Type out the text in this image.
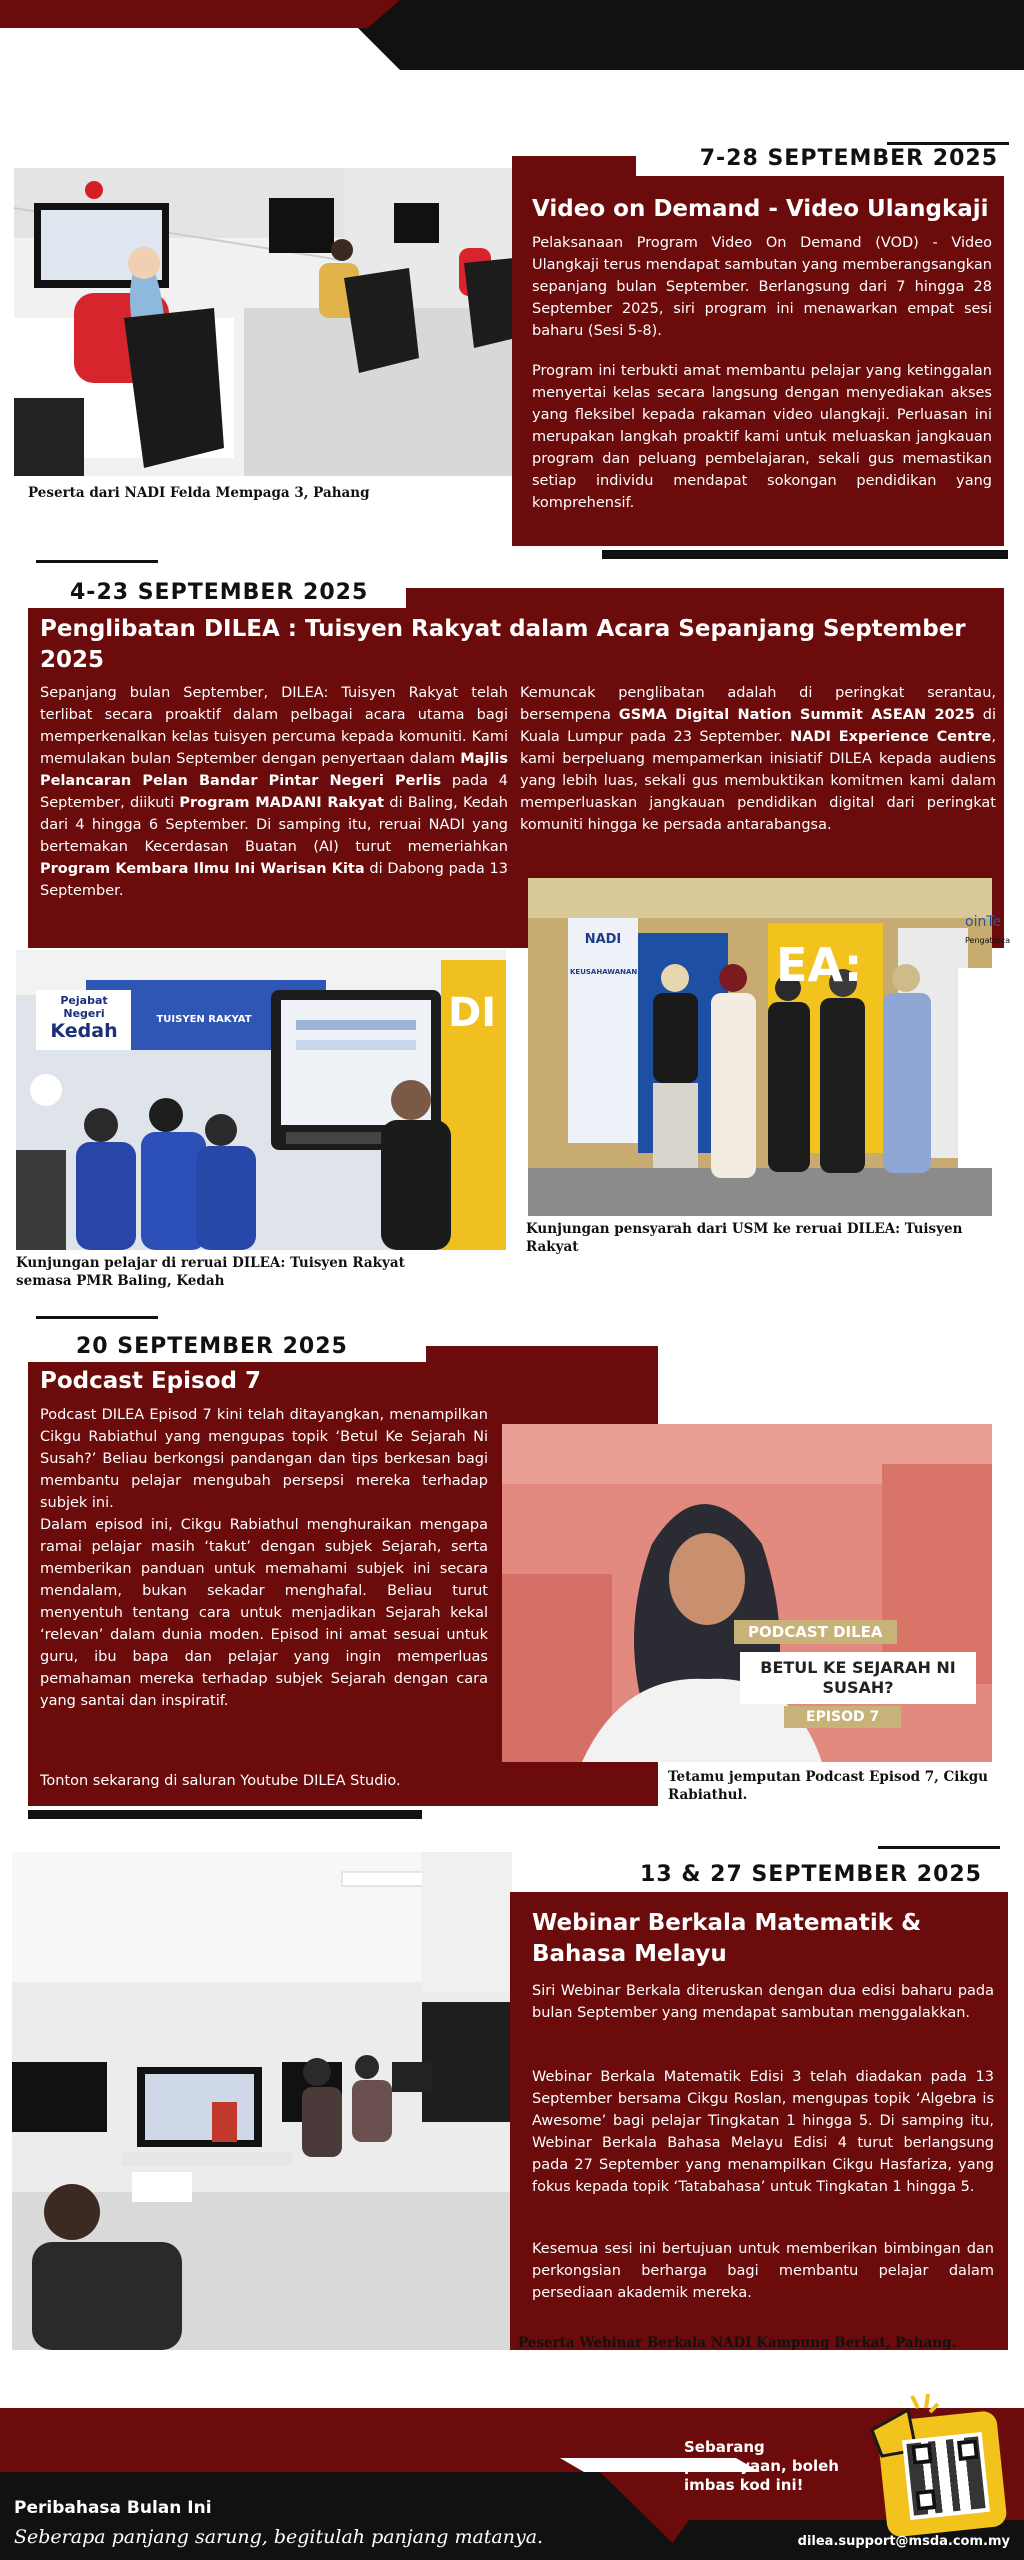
Peserta dari NADI Felda Mempaga 3, Pahang
7-28 SEPTEMBER 2025
Video on Demand - Video Ulangkaji
Pelaksanaan Program Video On Demand (VOD) - Video Ulangkaji terus mendapat sambutan yang memberangsangkan sepanjang bulan September. Berlangsung dari 7 hingga 28 September 2025, siri program ini menawarkan empat sesi baharu (Sesi 5-8).
Program ini terbukti amat membantu pelajar yang ketinggalan menyertai kelas secara langsung dengan menyediakan akses yang fleksibel kepada rakaman video ulangkaji. Perluasan ini merupakan langkah proaktif kami untuk meluaskan jangkauan program dan peluang pembelajaran, sekali gus memastikan setiap individu mendapat sokongan pendidikan yang komprehensif.
4-23 SEPTEMBER 2025
Penglibatan DILEA : Tuisyen Rakyat dalam Acara Sepanjang September 2025
Sepanjang bulan September, DILEA: Tuisyen Rakyat telah terlibat secara proaktif dalam pelbagai acara utama bagi memperkenalkan kelas tuisyen percuma kepada komuniti. Kami memulakan bulan September dengan penyertaan dalam Majlis Pelancaran Pelan Bandar Pintar Negeri Perlis pada 4 September, diikuti Program MADANI Rakyat di Baling, Kedah dari 4 hingga 6 September. Di samping itu, reruai NADI yang bertemakan Kecerdasan Buatan (AI) turut memeriahkan Program Kembara Ilmu Ini Warisan Kita di Dabong pada 13 September.
Kemuncak penglibatan adalah di peringkat serantau, bersempena GSMA Digital Nation Summit ASEAN 2025 di Kuala Lumpur pada 23 September. NADI Experience Centre, kami berpeluang mempamerkan inisiatif DILEA kepada audiens yang lebih luas, sekali gus membuktikan komitmen kami dalam memperluaskan jangkauan pendidikan digital dari peringkat komuniti hingga ke persada antarabangsa.
Pejabat Negeri
Kedah	DI
TUISYEN RAKYAT
Kunjungan pelajar di reruai DILEA: Tuisyen Rakyat semasa PMR Baling, Kedah
NADI
KEUSAHAWANAN	EA:
oinTe
Pengaturca
Kunjungan pensyarah dari USM ke reruai DILEA: Tuisyen Rakyat
20 SEPTEMBER 2025
Podcast Episod 7
Podcast DILEA Episod 7 kini telah ditayangkan, menampilkan Cikgu Rabiathul yang mengupas topik ‘Betul Ke Sejarah Ni Susah?’ Beliau berkongsi pandangan dan tips berkesan bagi membantu pelajar mengubah persepsi mereka terhadap subjek ini.
Dalam episod ini, Cikgu Rabiathul menghuraikan mengapa ramai pelajar masih ‘takut’ dengan subjek Sejarah, serta memberikan panduan untuk memahami subjek ini secara mendalam, bukan sekadar menghafal. Beliau turut menyentuh tentang cara untuk menjadikan Sejarah kekal ‘relevan’ dalam dunia moden. Episod ini amat sesuai untuk guru, ibu bapa dan pelajar yang ingin memperluas pemahaman mereka terhadap subjek Sejarah dengan cara yang santai dan inspiratif.
Tonton sekarang di saluran Youtube DILEA Studio.
PODCAST DILEA
BETUL KE SEJARAH NI SUSAH?
EPISOD 7
Tetamu jemputan Podcast Episod 7, Cikgu Rabiathul.
13 & 27 SEPTEMBER 2025
Webinar Berkala Matematik & Bahasa Melayu
Siri Webinar Berkala diteruskan dengan dua edisi baharu pada bulan September yang mendapat sambutan menggalakkan.
Webinar Berkala Matematik Edisi 3 telah diadakan pada 13 September bersama Cikgu Roslan, mengupas topik ‘Algebra is Awesome’ bagi pelajar Tingkatan 1 hingga 5. Di samping itu, Webinar Berkala Bahasa Melayu Edisi 4 turut berlangsung pada 27 September yang menampilkan Cikgu Hasfariza, yang fokus kepada topik ‘Tatabahasa’ untuk Tingkatan 1 hingga 5.
Kesemua sesi ini bertujuan untuk memberikan bimbingan dan perkongsian berharga bagi membantu pelajar dalam persediaan akademik mereka.
Peserta Webinar Berkala NADI Kampung Berkat, Pahang.
Peribahasa Bulan Ini
Seberapa panjang sarung, begitulah panjang matanya.
Sebarang pertanyaan, boleh imbas kod ini!
dilea.support@msda.com.my
